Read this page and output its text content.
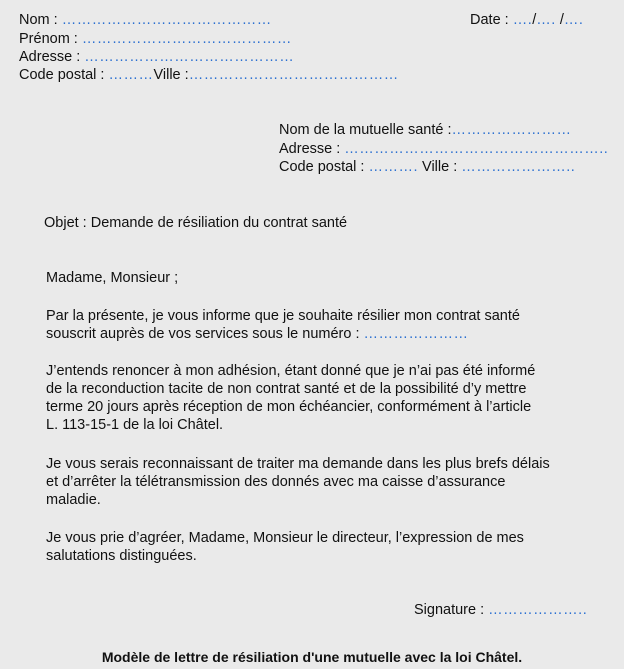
Nom : ……………………………………	Date : …./…. /….
Prénom : ……………………………………
Adresse : ……………………………………
Code postal : ………Ville :……………………………………
Nom de la mutuelle santé :……………………
Adresse : ……………………………………………..
Code postal : ………. Ville : …………………..
Objet : Demande de résiliation du contrat santé
Madame, Monsieur ;
Par la présente, je vous informe que je souhaite résilier mon contrat santé
souscrit auprès de vos services sous le numéro : …………………
J’entends renoncer à mon adhésion, étant donné que je n’ai pas été informé
de la reconduction tacite de non contrat santé et de la possibilité d’y mettre
terme 20 jours après réception de mon échéancier, conformément à l’article
L. 113-15-1 de la loi Châtel.
Je vous serais reconnaissant de traiter ma demande dans les plus brefs délais
et d’arrêter la télétransmission des donnés avec ma caisse d’assurance
maladie.
Je vous prie d’agréer, Madame, Monsieur le directeur, l’expression de mes
salutations distinguées.
Signature : ………………..
Modèle de lettre de résiliation d'une mutuelle avec la loi Châtel.
